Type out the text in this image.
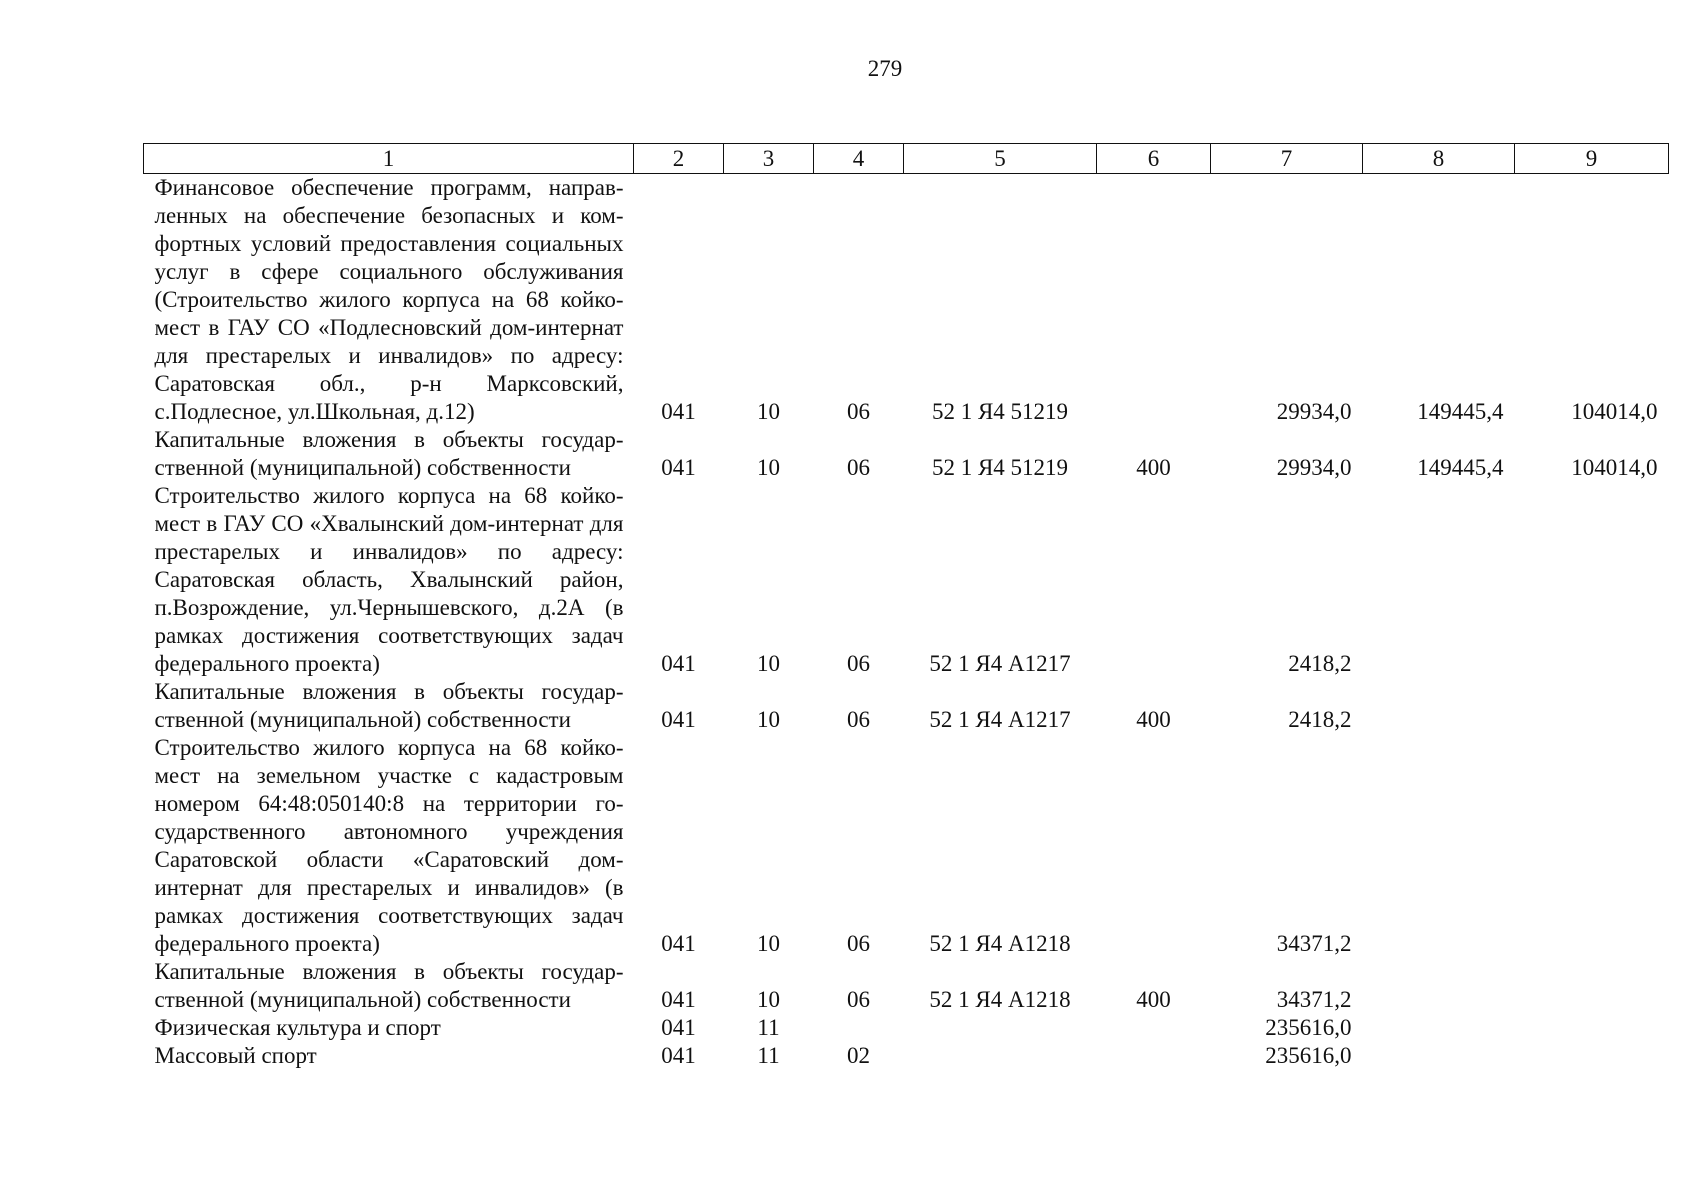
279
1	2	3	4	5	6	7	8	9
Финансовое обеспечение программ, направленных на обеспечение безопасных и комфортных условий предоставления социальных услуг в сфере социального обслуживания (Строительство жилого корпуса на 68 койко-мест в ГАУ СО «Подлесновский дом-интернат для престарелых и инвалидов» по адресу: Саратовская обл., р-н Марксовский, с.Подлесное, ул.Школьная, д.12)	041	10	06	52 1 Я4 51219		29934,0	149445,4	104014,0
Капитальные вложения в объекты государственной (муниципальной) собственности	041	10	06	52 1 Я4 51219	400	29934,0	149445,4	104014,0
Строительство жилого корпуса на 68 койкомест в ГАУ СО «Хвалынский дом-интернат для престарелых и инвалидов» по адресу: Саратовская область, Хвалынский район, п.Возрождение, ул.Чернышевского, д.2А (в рамках достижения соответствующих задач федерального проекта)	041	10	06	52 1 Я4 А1217		2418,2		
Капитальные вложения в объекты государственной (муниципальной) собственности	041	10	06	52 1 Я4 А1217	400	2418,2		
Строительство жилого корпуса на 68 койкомест на земельном участке с кадастровым номером 64:48:050140:8 на территории государственного автономного учреждения Саратовской области «Саратовский доминтернат для престарелых и инвалидов» (в рамках достижения соответствующих задач федерального проекта)	041	10	06	52 1 Я4 А1218		34371,2		
Капитальные вложения в объекты государственной (муниципальной) собственности	041	10	06	52 1 Я4 А1218	400	34371,2		
Физическая культура и спорт	041	11				235616,0		
Массовый спорт	041	11	02			235616,0		
